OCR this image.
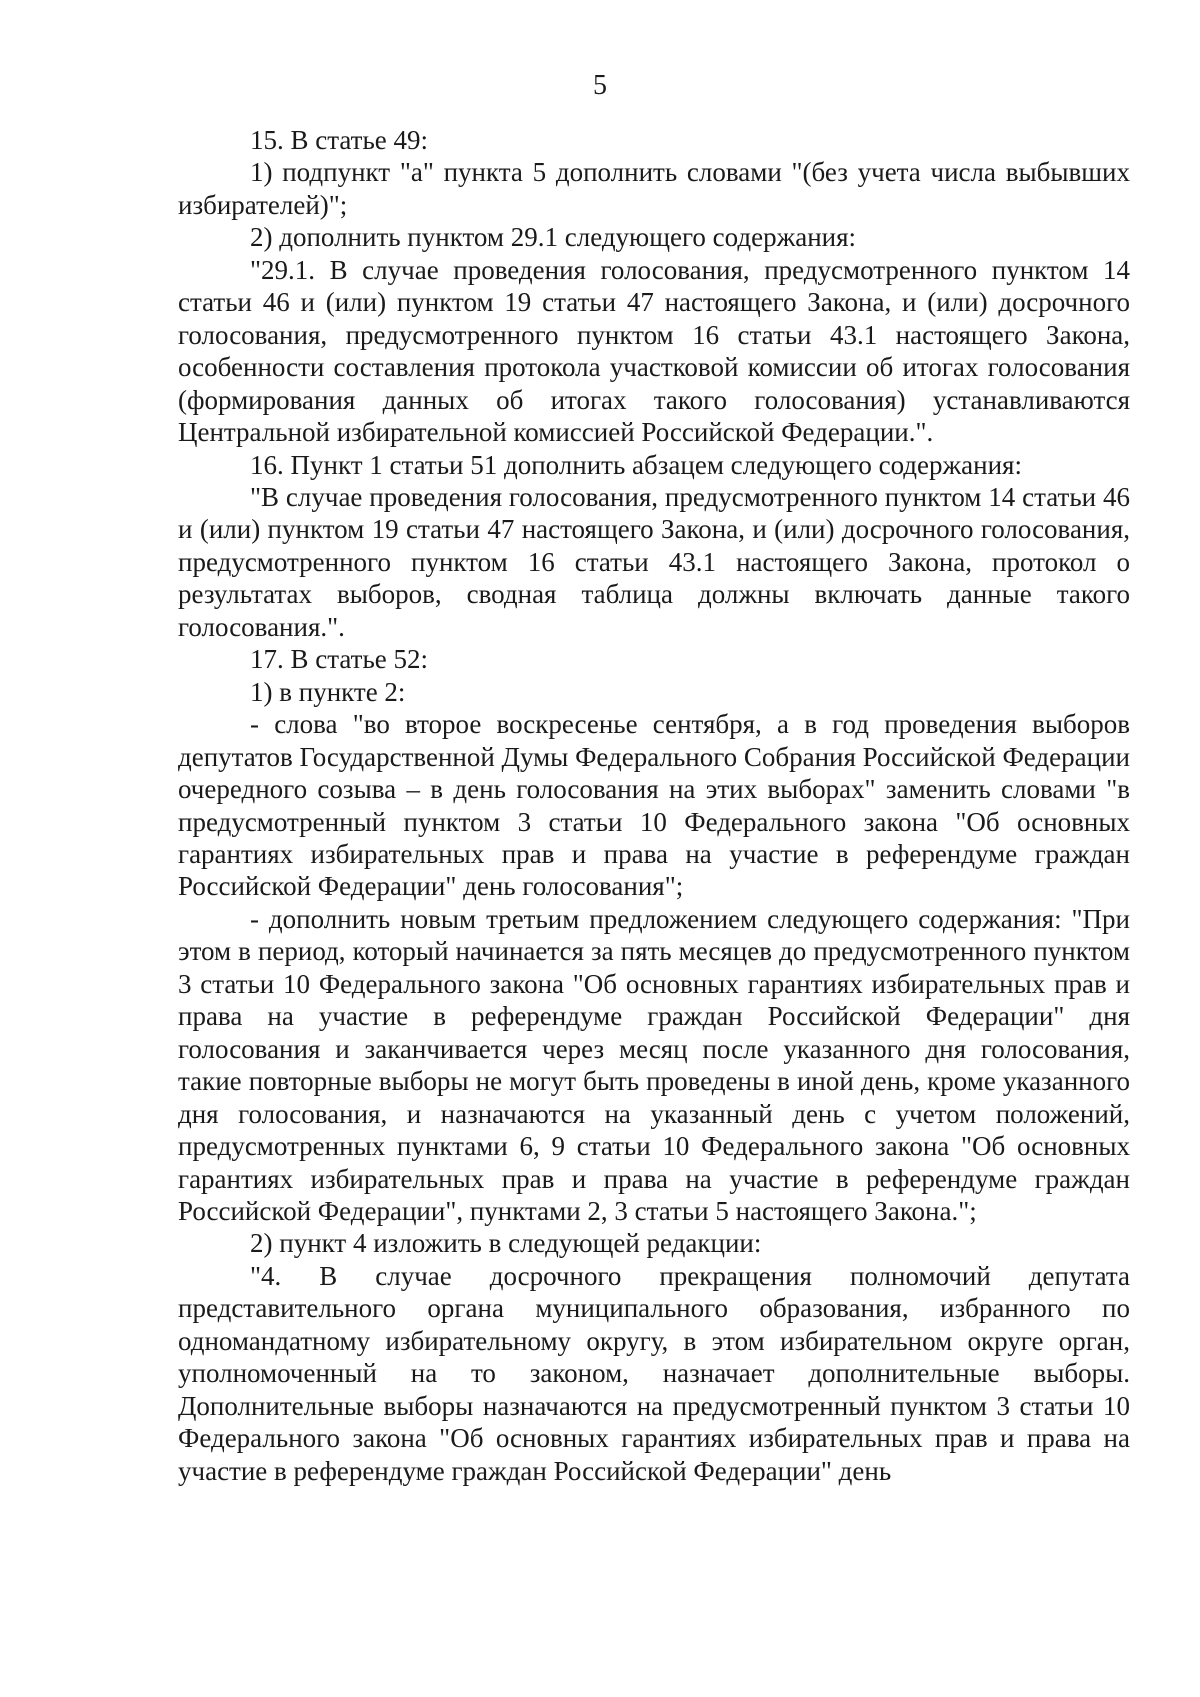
5

15. В статье 49:

1) подпункт "а" пункта 5 дополнить словами "(без учета числа выбывших избирателей)";

2) дополнить пунктом 29.1 следующего содержания:

"29.1. В случае проведения голосования, предусмотренного пунктом 14 статьи 46 и (или) пунктом 19 статьи 47 настоящего Закона, и (или) досрочного голосования, предусмотренного пунктом 16 статьи 43.1 настоящего Закона, особенности составления протокола участковой комиссии об итогах голосования (формирования данных об итогах такого голосования) устанавливаются Центральной избирательной комиссией Российской Федерации.".

16. Пункт 1 статьи 51 дополнить абзацем следующего содержания:

"В случае проведения голосования, предусмотренного пунктом 14 статьи 46 и (или) пунктом 19 статьи 47 настоящего Закона, и (или) досрочного голосования, предусмотренного пунктом 16 статьи 43.1 настоящего Закона, протокол о результатах выборов, сводная таблица должны включать данные такого голосования.".

17. В статье 52:

1) в пункте 2:

- слова "во второе воскресенье сентября, а в год проведения выборов депутатов Государственной Думы Федерального Собрания Российской Федерации очередного созыва – в день голосования на этих выборах" заменить словами "в предусмотренный пунктом 3 статьи 10 Федерального закона "Об основных гарантиях избирательных прав и права на участие в референдуме граждан Российской Федерации" день голосования";

- дополнить новым третьим предложением следующего содержания: "При этом в период, который начинается за пять месяцев до предусмотренного пунктом 3 статьи 10 Федерального закона "Об основных гарантиях избирательных прав и права на участие в референдуме граждан Российской Федерации" дня голосования и заканчивается через месяц после указанного дня голосования, такие повторные выборы не могут быть проведены в иной день, кроме указанного дня голосования, и назначаются на указанный день с учетом положений, предусмотренных пунктами 6, 9 статьи 10 Федерального закона "Об основных гарантиях избирательных прав и права на участие в референдуме граждан Российской Федерации", пунктами 2, 3 статьи 5 настоящего Закона.";

2) пункт 4 изложить в следующей редакции:

"4. В случае досрочного прекращения полномочий депутата представительного органа муниципального образования, избранного по одномандатному избирательному округу, в этом избирательном округе орган, уполномоченный на то законом, назначает дополнительные выборы. Дополнительные выборы назначаются на предусмотренный пунктом 3 статьи 10 Федерального закона "Об основных гарантиях избирательных прав и права на участие в референдуме граждан Российской Федерации" день
